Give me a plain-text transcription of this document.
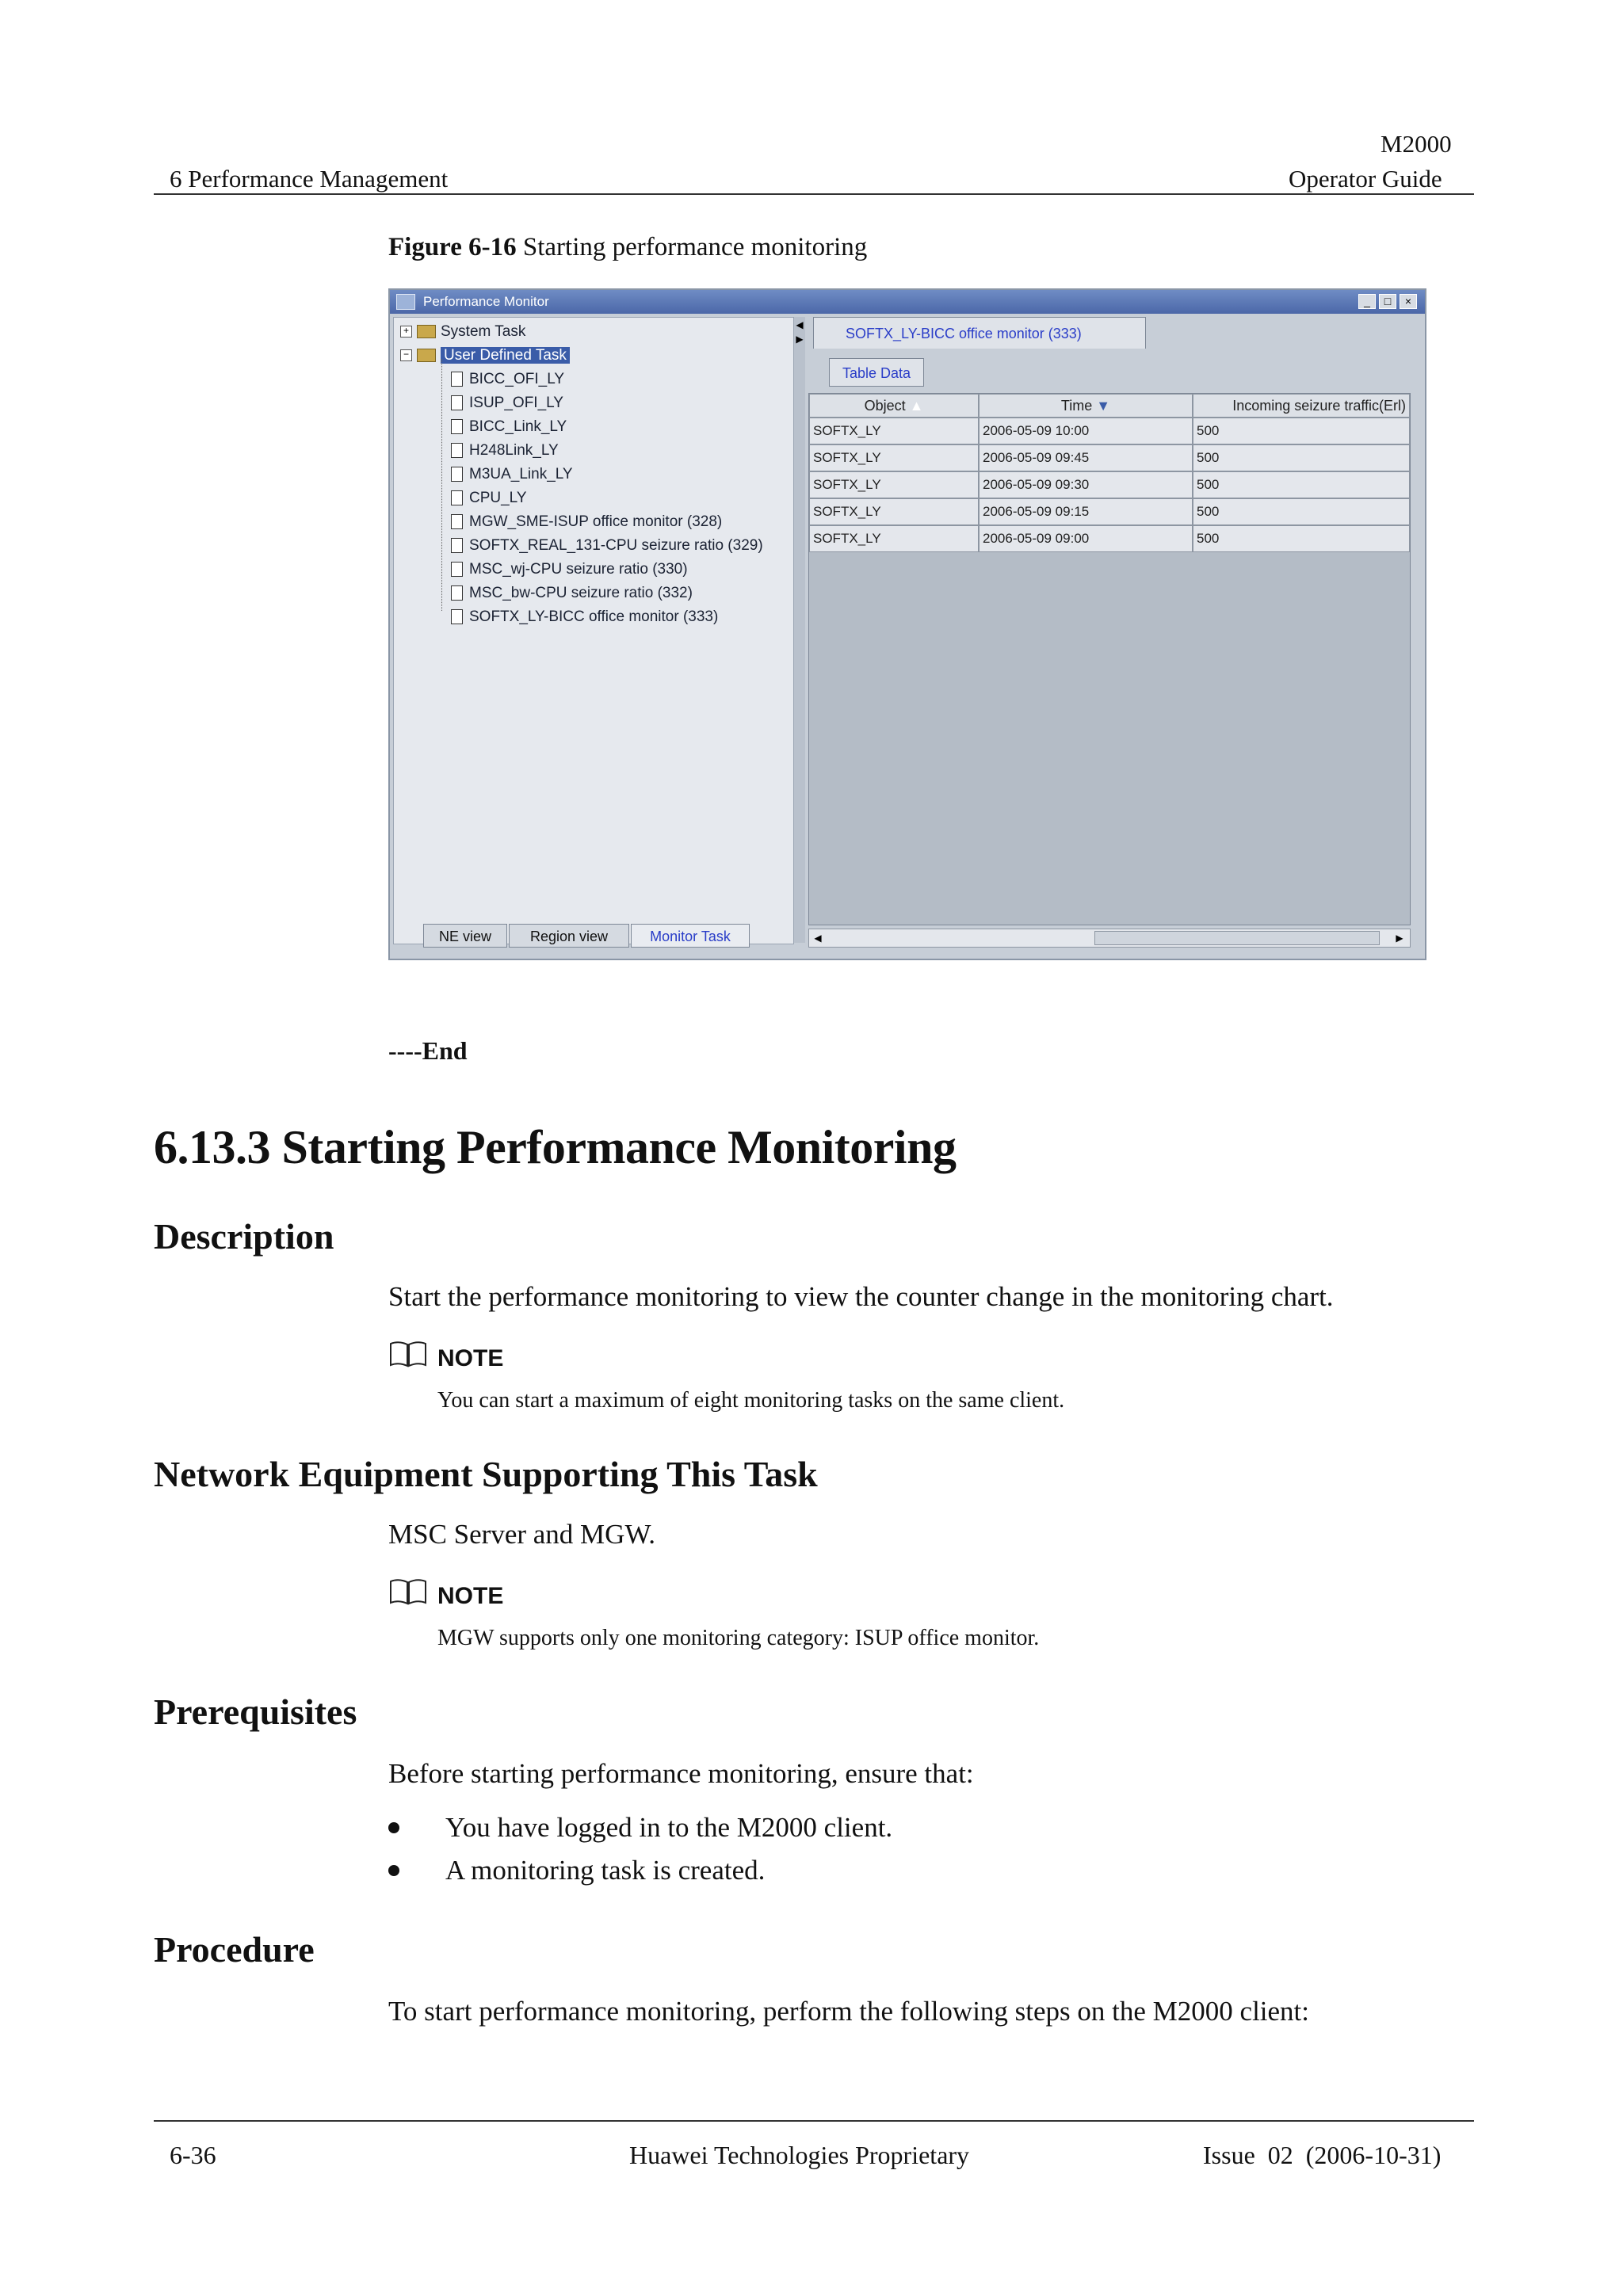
M2000
6 Performance Management	Operator Guide
Figure 6-16 Starting performance monitoring
Performance Monitor	_	□	×
+ System Task
− User Defined Task
BICC_OFI_LY
ISUP_OFI_LY
BICC_Link_LY
H248Link_LY
M3UA_Link_LY
CPU_LY
MGW_SME-ISUP office monitor (328)
SOFTX_REAL_131-CPU seizure ratio (329)
MSC_wj-CPU seizure ratio (330)
MSC_bw-CPU seizure ratio (332)
SOFTX_LY-BICC office monitor (333)
NE view	Region view	Monitor Task
◀
▶	SOFTX_LY-BICC office monitor (333)
Table Data
Object ▲	Time ▼	Incoming seizure traffic(Erl)
SOFTX_LY	2006-05-09 10:00	500
SOFTX_LY	2006-05-09 09:45	500
SOFTX_LY	2006-05-09 09:30	500
SOFTX_LY	2006-05-09 09:15	500
SOFTX_LY	2006-05-09 09:00	500
◀	▶
----End
6.13.3 Starting Performance Monitoring
Description
Start the performance monitoring to view the counter change in the monitoring chart.
NOTE
You can start a maximum of eight monitoring tasks on the same client.
Network Equipment Supporting This Task
MSC Server and MGW.
NOTE
MGW supports only one monitoring category: ISUP office monitor.
Prerequisites
Before starting performance monitoring, ensure that:
You have logged in to the M2000 client.
A monitoring task is created.
Procedure
To start performance monitoring, perform the following steps on the M2000 client:
6-36	Huawei Technologies Proprietary	Issue  02  (2006-10-31)
